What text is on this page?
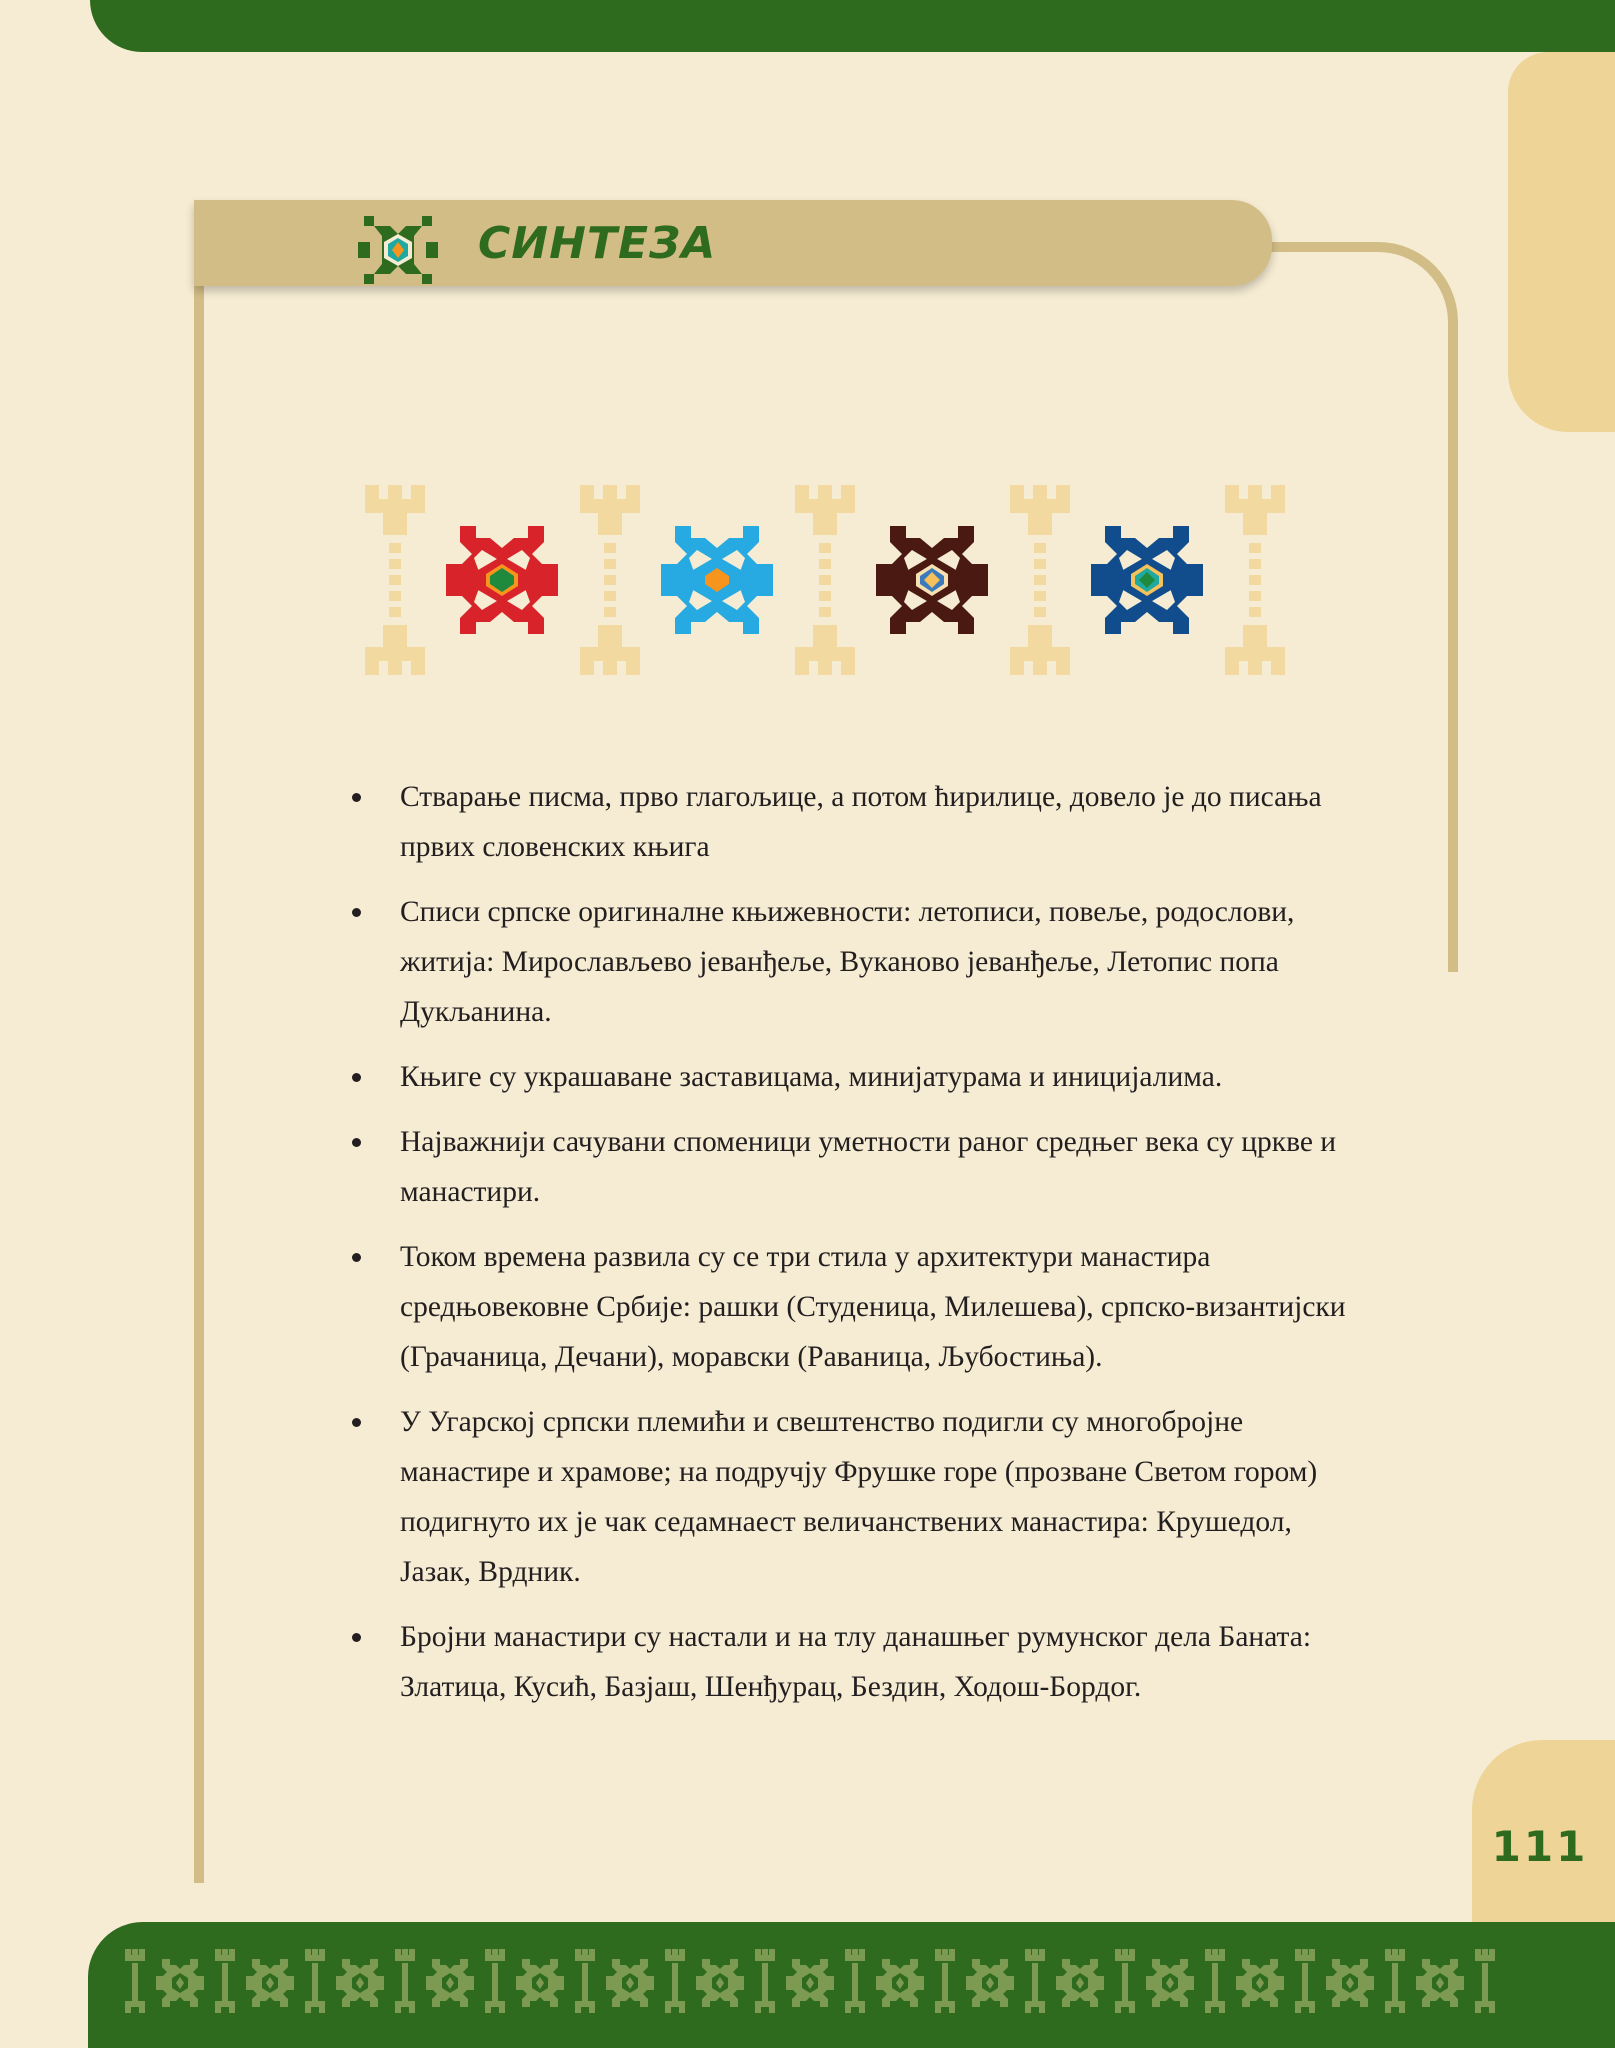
111
СИНТЕЗА
Стварање писма, прво глагољице, а потом ћирилице, довело је до писања првих словенских књига
Списи српске оригиналне књижевности: летописи, повеље, родослови, житија: Мирослављево јеванђеље, Вуканово јеванђеље, Летопис попа Дукљанина.
Књиге су украшаване заставицама, минијатурама и иницијалима.
Најважнији сачувани споменици уметности раног средњег века су цркве и манастири.
Током времена развила су се три стила у архитектури манастира средњовековне Србије: рашки (Студеница, Милешева), српско-византијски (Грачаница, Дечани), моравски (Раваница, Љубостиња).
У Угарској српски племићи и свештенство подигли су многобројне манастире и храмове; на подручју Фрушке горе (прозване Светом гором) подигнуто их је чак седамнаест величанствених манастира: Крушедол, Јазак, Врдник.
Бројни манастири су настали и на тлу данашњег румунског дела Баната: Златица, Кусић, Базјаш, Шенђурац, Бездин, Ходош-Бордог.
